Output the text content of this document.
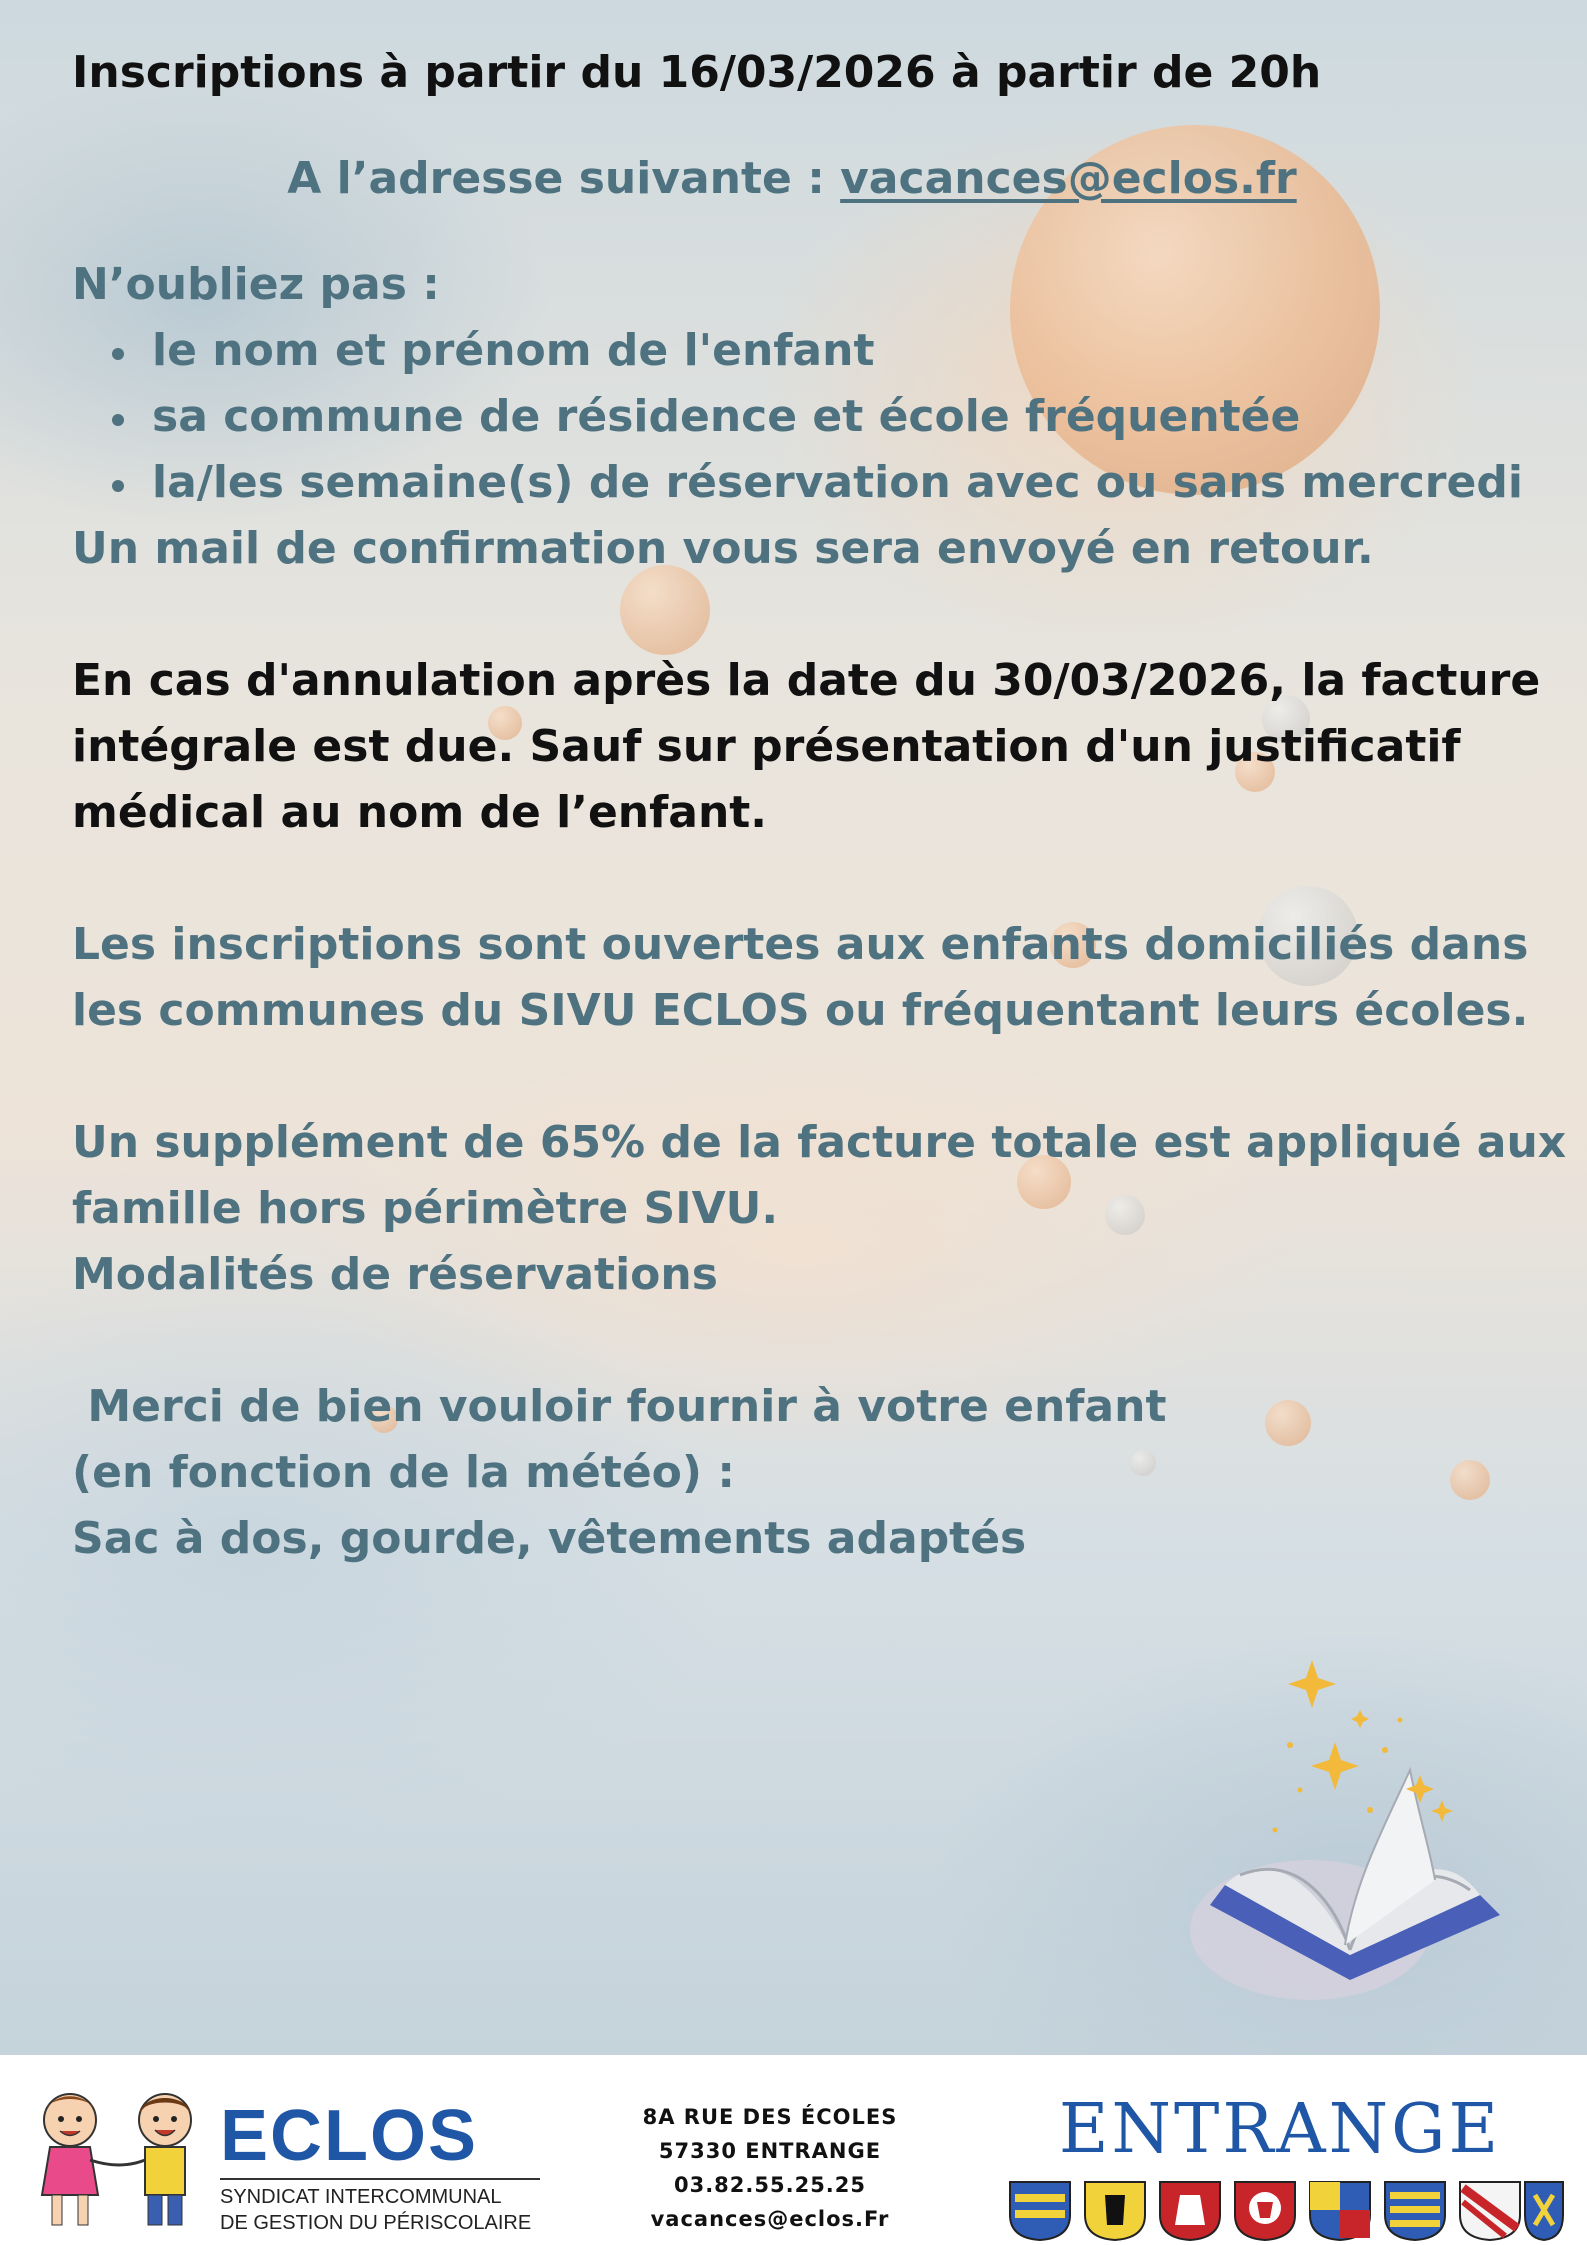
Inscriptions à partir du 16/03/2026 à partir de 20h
A l’adresse suivante : vacances@eclos.fr
N’oubliez pas :
le nom et prénom de l'enfant
sa commune de résidence et école fréquentée
la/les semaine(s) de réservation avec ou sans mercredi
Un mail de confirmation vous sera envoyé en retour.
En cas d'annulation après la date du 30/03/2026, la facture
intégrale est due. Sauf sur présentation d'un justificatif
médical au nom de l’enfant.
Les inscriptions sont ouvertes aux enfants domiciliés dans
les communes du SIVU ECLOS ou fréquentant leurs écoles.
Un supplément de 65% de la facture totale est appliqué aux
famille hors périmètre SIVU.
Modalités de réservations
Merci de bien vouloir fournir à votre enfant
(en fonction de la météo) :
Sac à dos, gourde, vêtements adaptés
ECLOS
SYNDICAT INTERCOMMUNAL
DE GESTION DU PÉRISCOLAIRE
8A RUE DES ÉCOLES
57330 ENTRANGE
03.82.55.25.25
vacances@eclos.Fr
ENTRANGE
